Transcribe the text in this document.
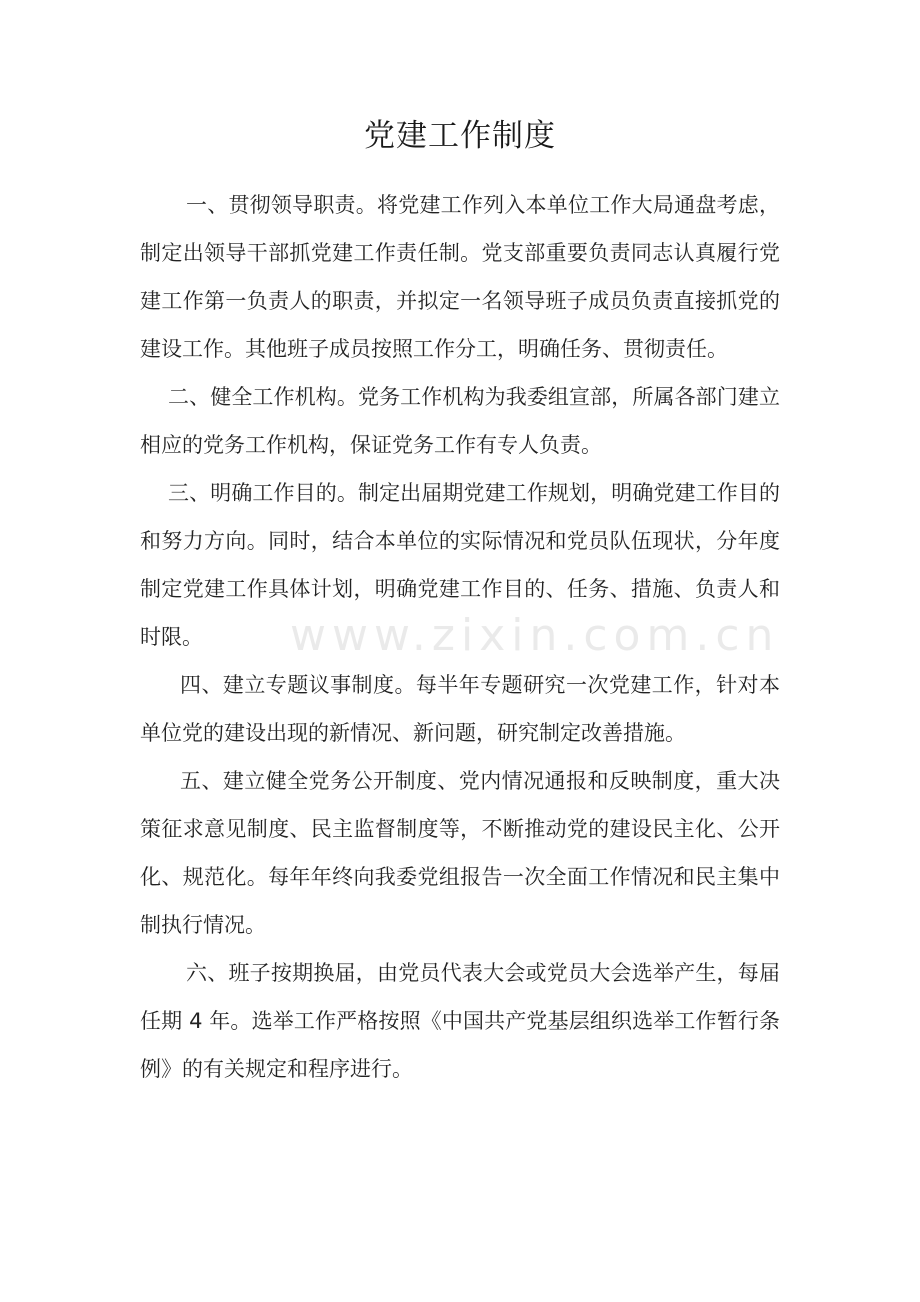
党建工作制度

一、贯彻领导职责。将党建工作列入本单位工作大局通盘考虑，制定出领导干部抓党建工作责任制。党支部重要负责同志认真履行党建工作第一负责人的职责，并拟定一名领导班子成员负责直接抓党的建设工作。其他班子成员按照工作分工，明确任务、贯彻责任。

二、健全工作机构。党务工作机构为我委组宣部，所属各部门建立相应的党务工作机构，保证党务工作有专人负责。

三、明确工作目的。制定出届期党建工作规划，明确党建工作目的和努力方向。同时，结合本单位的实际情况和党员队伍现状，分年度制定党建工作具体计划，明确党建工作目的、任务、措施、负责人和时限。

四、建立专题议事制度。每半年专题研究一次党建工作，针对本单位党的建设出现的新情况、新问题，研究制定改善措施。

五、建立健全党务公开制度、党内情况通报和反映制度，重大决策征求意见制度、民主监督制度等，不断推动党的建设民主化、公开化、规范化。每年年终向我委党组报告一次全面工作情况和民主集中制执行情况。

六、班子按期换届，由党员代表大会或党员大会选举产生，每届任期 4 年。选举工作严格按照《中国共产党基层组织选举工作暂行条例》的有关规定和程序进行。

www.zixin.com.cn
